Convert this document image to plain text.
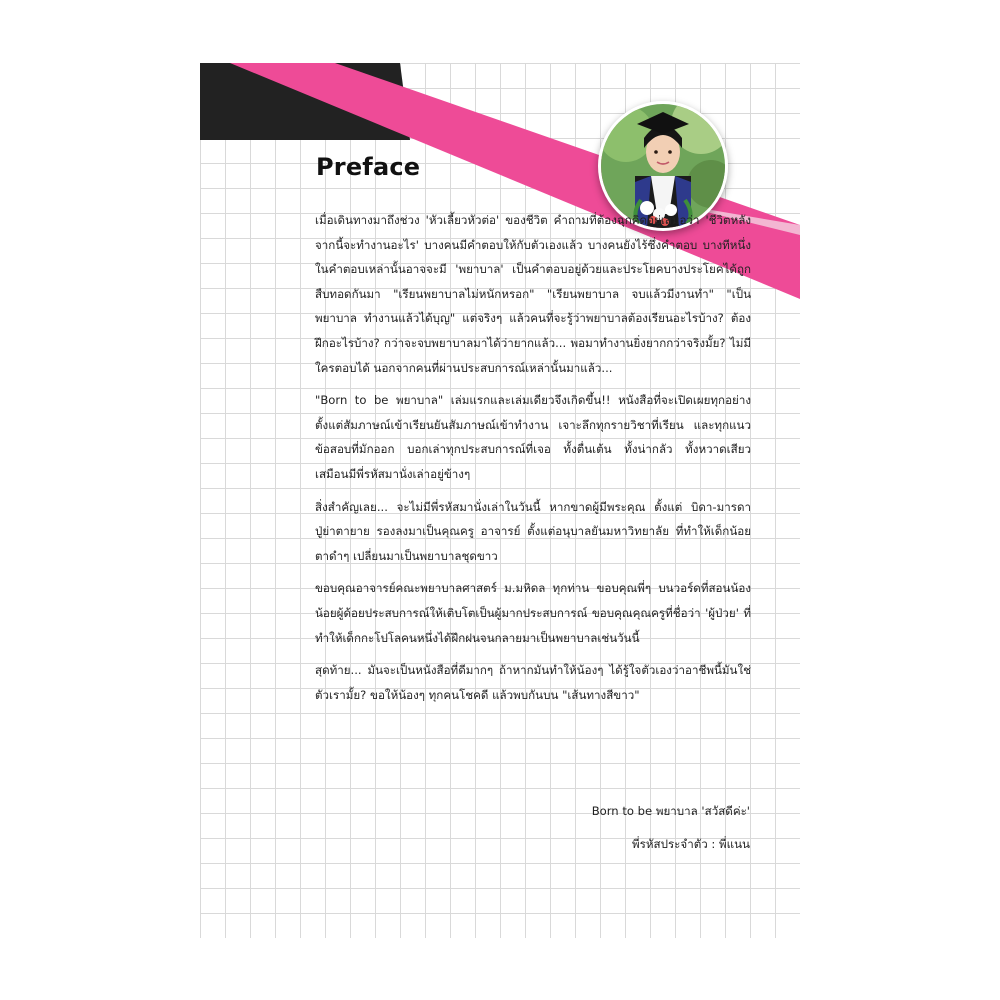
Preface

เมื่อเดินทางมาถึงช่วง 'หัวเลี้ยวหัวต่อ' ของชีวิต คำถามที่ต้องฉุกคิดอยู่เสมอว่า 'ชีวิตหลังจากนี้จะทำงานอะไร' บางคนมีคำตอบให้กับตัวเองแล้ว บางคนยังไร้ซึ่งคำตอบ บางทีหนึ่งในคำตอบเหล่านั้นอาจจะมี 'พยาบาล' เป็นคำตอบอยู่ด้วยและประโยคบางประโยคได้ถูกสืบทอดกันมา "เรียนพยาบาลไม่หนักหรอก" "เรียนพยาบาล จบแล้วมีงานทำ" "เป็นพยาบาล ทำงานแล้วได้บุญ" แต่จริงๆ แล้วคนที่จะรู้ว่าพยาบาลต้องเรียนอะไรบ้าง? ต้องฝึกอะไรบ้าง? กว่าจะจบพยาบาลมาได้ว่ายากแล้ว... พอมาทำงานยิ่งยากกว่าจริงมั้ย? ไม่มีใครตอบได้ นอกจากคนที่ผ่านประสบการณ์เหล่านั้นมาแล้ว...

"Born to be พยาบาล" เล่มแรกและเล่มเดียวจึงเกิดขึ้น!! หนังสือที่จะเปิดเผยทุกอย่างตั้งแต่สัมภาษณ์เข้าเรียนยันสัมภาษณ์เข้าทำงาน เจาะลึกทุกรายวิชาที่เรียน และทุกแนวข้อสอบที่มักออก บอกเล่าทุกประสบการณ์ที่เจอ ทั้งตื่นเต้น ทั้งน่ากลัว ทั้งหวาดเสียว เสมือนมีพี่รหัสมานั่งเล่าอยู่ข้างๆ

สิ่งสำคัญเลย... จะไม่มีพี่รหัสมานั่งเล่าในวันนี้ หากขาดผู้มีพระคุณ ตั้งแต่ บิดา-มารดา ปู่ย่าตายาย รองลงมาเป็นคุณครู อาจารย์ ตั้งแต่อนุบาลยันมหาวิทยาลัย ที่ทำให้เด็กน้อยตาดำๆ เปลี่ยนมาเป็นพยาบาลชุดขาว

ขอบคุณอาจารย์คณะพยาบาลศาสตร์ ม.มหิดล ทุกท่าน ขอบคุณพี่ๆ บนวอร์ดที่สอนน้องน้อยผู้ด้อยประสบการณ์ให้เติบโตเป็นผู้มากประสบการณ์ ขอบคุณคุณครูที่ชื่อว่า 'ผู้ป่วย' ที่ทำให้เด็กกะโปโลคนหนึ่งได้ฝึกฝนจนกลายมาเป็นพยาบาลเช่นวันนี้

สุดท้าย... มันจะเป็นหนังสือที่ดีมากๆ ถ้าหากมันทำให้น้องๆ ได้รู้ใจตัวเองว่าอาชีพนี้มันใช่ตัวเรามั้ย? ขอให้น้องๆ ทุกคนโชคดี แล้วพบกันบน "เส้นทางสีขาว"

Born to be พยาบาล 'สวัสดีค่ะ'

พี่รหัสประจำตัว : พี่แนน
